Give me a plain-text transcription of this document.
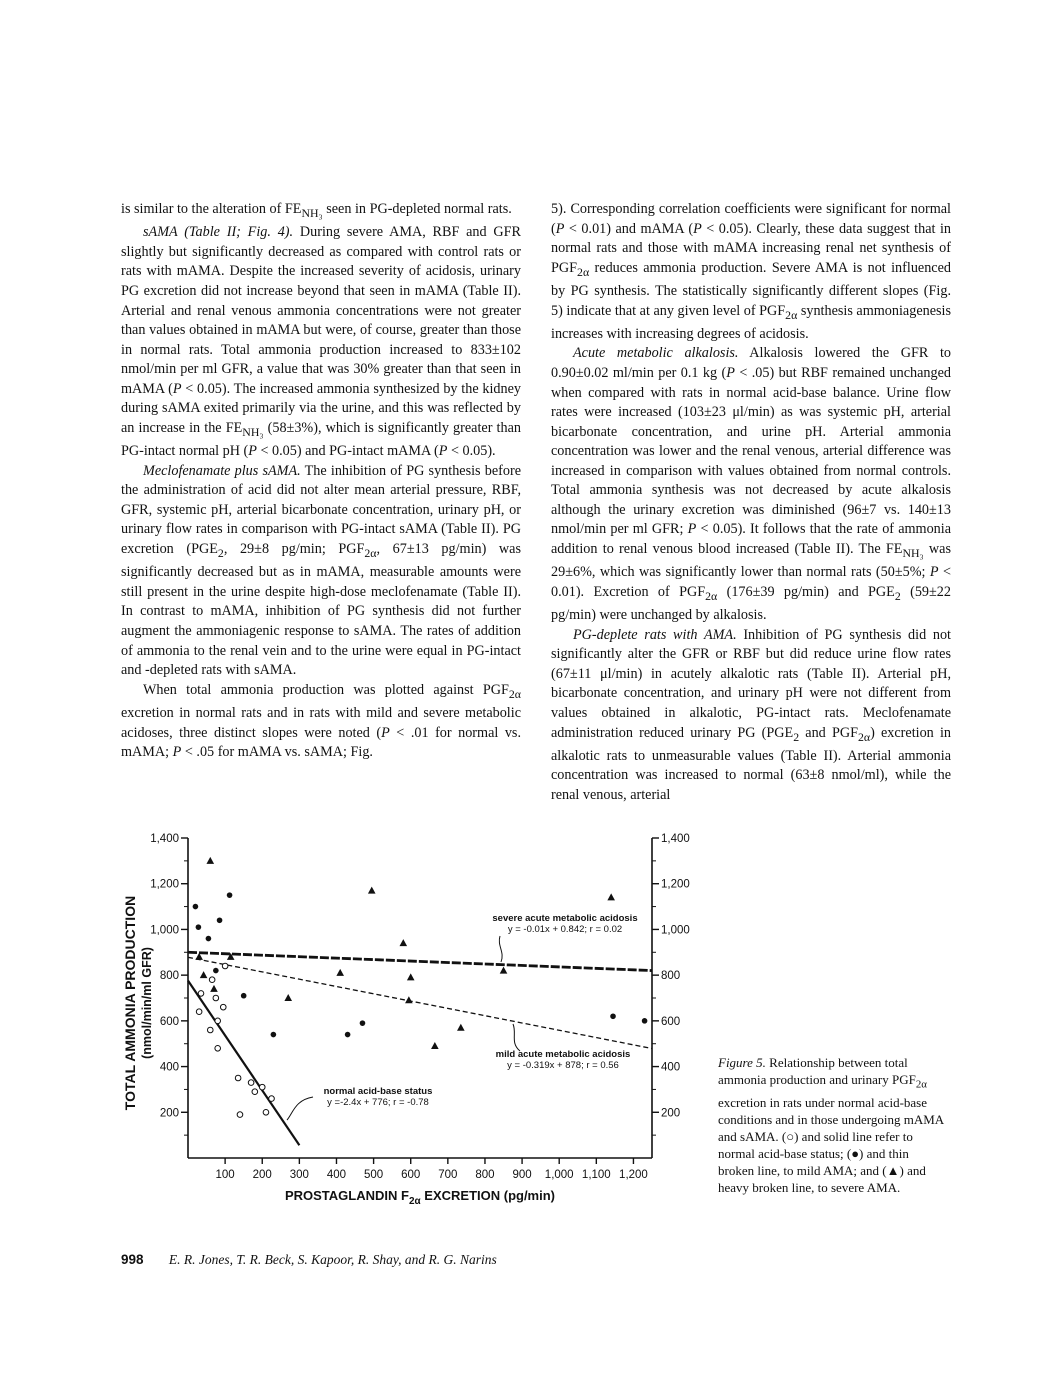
is similar to the alteration of $FE_{NH_3}$ seen in PG-depleted normal rats.

sAMA (Table II; Fig. 4). During severe AMA, RBF and GFR slightly but significantly decreased as compared with control rats or rats with mAMA. Despite the increased severity of acidosis, urinary PG excretion did not increase beyond that seen in mAMA (Table II). Arterial and renal venous ammonia concentrations were not greater than values obtained in mAMA but were, of course, greater than those in normal rats. Total ammonia production increased to 833±102 nmol/min per ml GFR, a value that was 30% greater than that seen in mAMA (P < 0.05). The increased ammonia synthesized by the kidney during sAMA exited primarily via the urine, and this was reflected by an increase in the $FE_{NH_3}$ (58±3%), which is significantly greater than PG-intact normal pH (P < 0.05) and PG-intact mAMA (P < 0.05).

Meclofenamate plus sAMA. The inhibition of PG synthesis before the administration of acid did not alter mean arterial pressure, RBF, GFR, systemic pH, arterial bicarbonate concentration, urinary pH, or urinary flow rates in comparison with PG-intact sAMA (Table II). PG excretion ($PGE_2$, 29±8 pg/min; $PGF_{2\alpha}$, 67±13 pg/min) was significantly decreased but as in mAMA, measurable amounts were still present in the urine despite high-dose meclofenamate (Table II). In contrast to mAMA, inhibition of PG synthesis did not further augment the ammoniagenic response to sAMA. The rates of addition of ammonia to the renal vein and to the urine were equal in PG-intact and -depleted rats with sAMA.

When total ammonia production was plotted against $PGF_{2\alpha}$ excretion in normal rats and in rats with mild and severe metabolic acidoses, three distinct slopes were noted (P < .01 for normal vs. mAMA; P < .05 for mAMA vs. sAMA; Fig.

5). Corresponding correlation coefficients were significant for normal (P < 0.01) and mAMA (P < 0.05). Clearly, these data suggest that in normal rats and those with mAMA increasing renal net synthesis of $PGF_{2\alpha}$ reduces ammonia production. Severe AMA is not influenced by PG synthesis. The statistically significantly different slopes (Fig. 5) indicate that at any given level of $PGF_{2\alpha}$ synthesis ammoniagenesis increases with increasing degrees of acidosis.

Acute metabolic alkalosis. Alkalosis lowered the GFR to 0.90±0.02 ml/min per 0.1 kg (P < .05) but RBF remained unchanged when compared with rats in normal acid-base balance. Urine flow rates were increased (103±23 μl/min) as was systemic pH, arterial bicarbonate concentration, and urine pH. Arterial ammonia concentration was lower and the renal venous, arterial difference was increased in comparison with values obtained from normal controls. Total ammonia synthesis was not decreased by acute alkalosis although the urinary excretion was diminished (96±7 vs. 140±13 nmol/min per ml GFR; P < 0.05). It follows that the rate of ammonia addition to renal venous blood increased (Table II). The $FE_{NH_3}$ was 29±6%, which was significantly lower than normal rats (50±5%; P < 0.01). Excretion of $PGF_{2\alpha}$ (176±39 pg/min) and $PGE_2$ (59±22 pg/min) were unchanged by alkalosis.

PG-deplete rats with AMA. Inhibition of PG synthesis did not significantly alter the GFR or RBF but did reduce urine flow rates (67±11 μl/min) in acutely alkalotic rats (Table II). Arterial pH, bicarbonate concentration, and urinary pH were not different from values obtained in alkalotic, PG-intact rats. Meclofenamate administration reduced urinary PG ($PGE_2$ and $PGF_{2\alpha}$) excretion in alkalotic rats to unmeasurable values (Table II). Arterial ammonia concentration was increased to normal (63±8 nmol/ml), while the renal venous, arterial

200	200
400	400
600	600
800	800
1,000	1,000
1,200	1,200
1,400	1,400
100 200 300 400 500 600 700 800 900 1,000 1,100 1,200
PROSTAGLANDIN $F_{2\alpha}$ EXCRETION (pg/min)
TOTAL AMMONIA PRODUCTION (nmol/min/ml GFR)
normal acid-base status
y =-2.4x + 776; r = -0.78
mild acute metabolic acidosis
y = -0.319x + 878; r = 0.56
severe acute metabolic acidosis
y = -0.01x + 0.842; r = 0.02
Figure 5. Relationship between total ammonia production and urinary $PGF_{2\alpha}$ excretion in rats under normal acid-base conditions and in those undergoing mAMA and sAMA. (○) and solid line refer to normal acid-base status; (●) and thin broken line, to mild AMA; and (▲) and heavy broken line, to severe AMA.
998 E. R. Jones, T. R. Beck, S. Kapoor, R. Shay, and R. G. Narins
